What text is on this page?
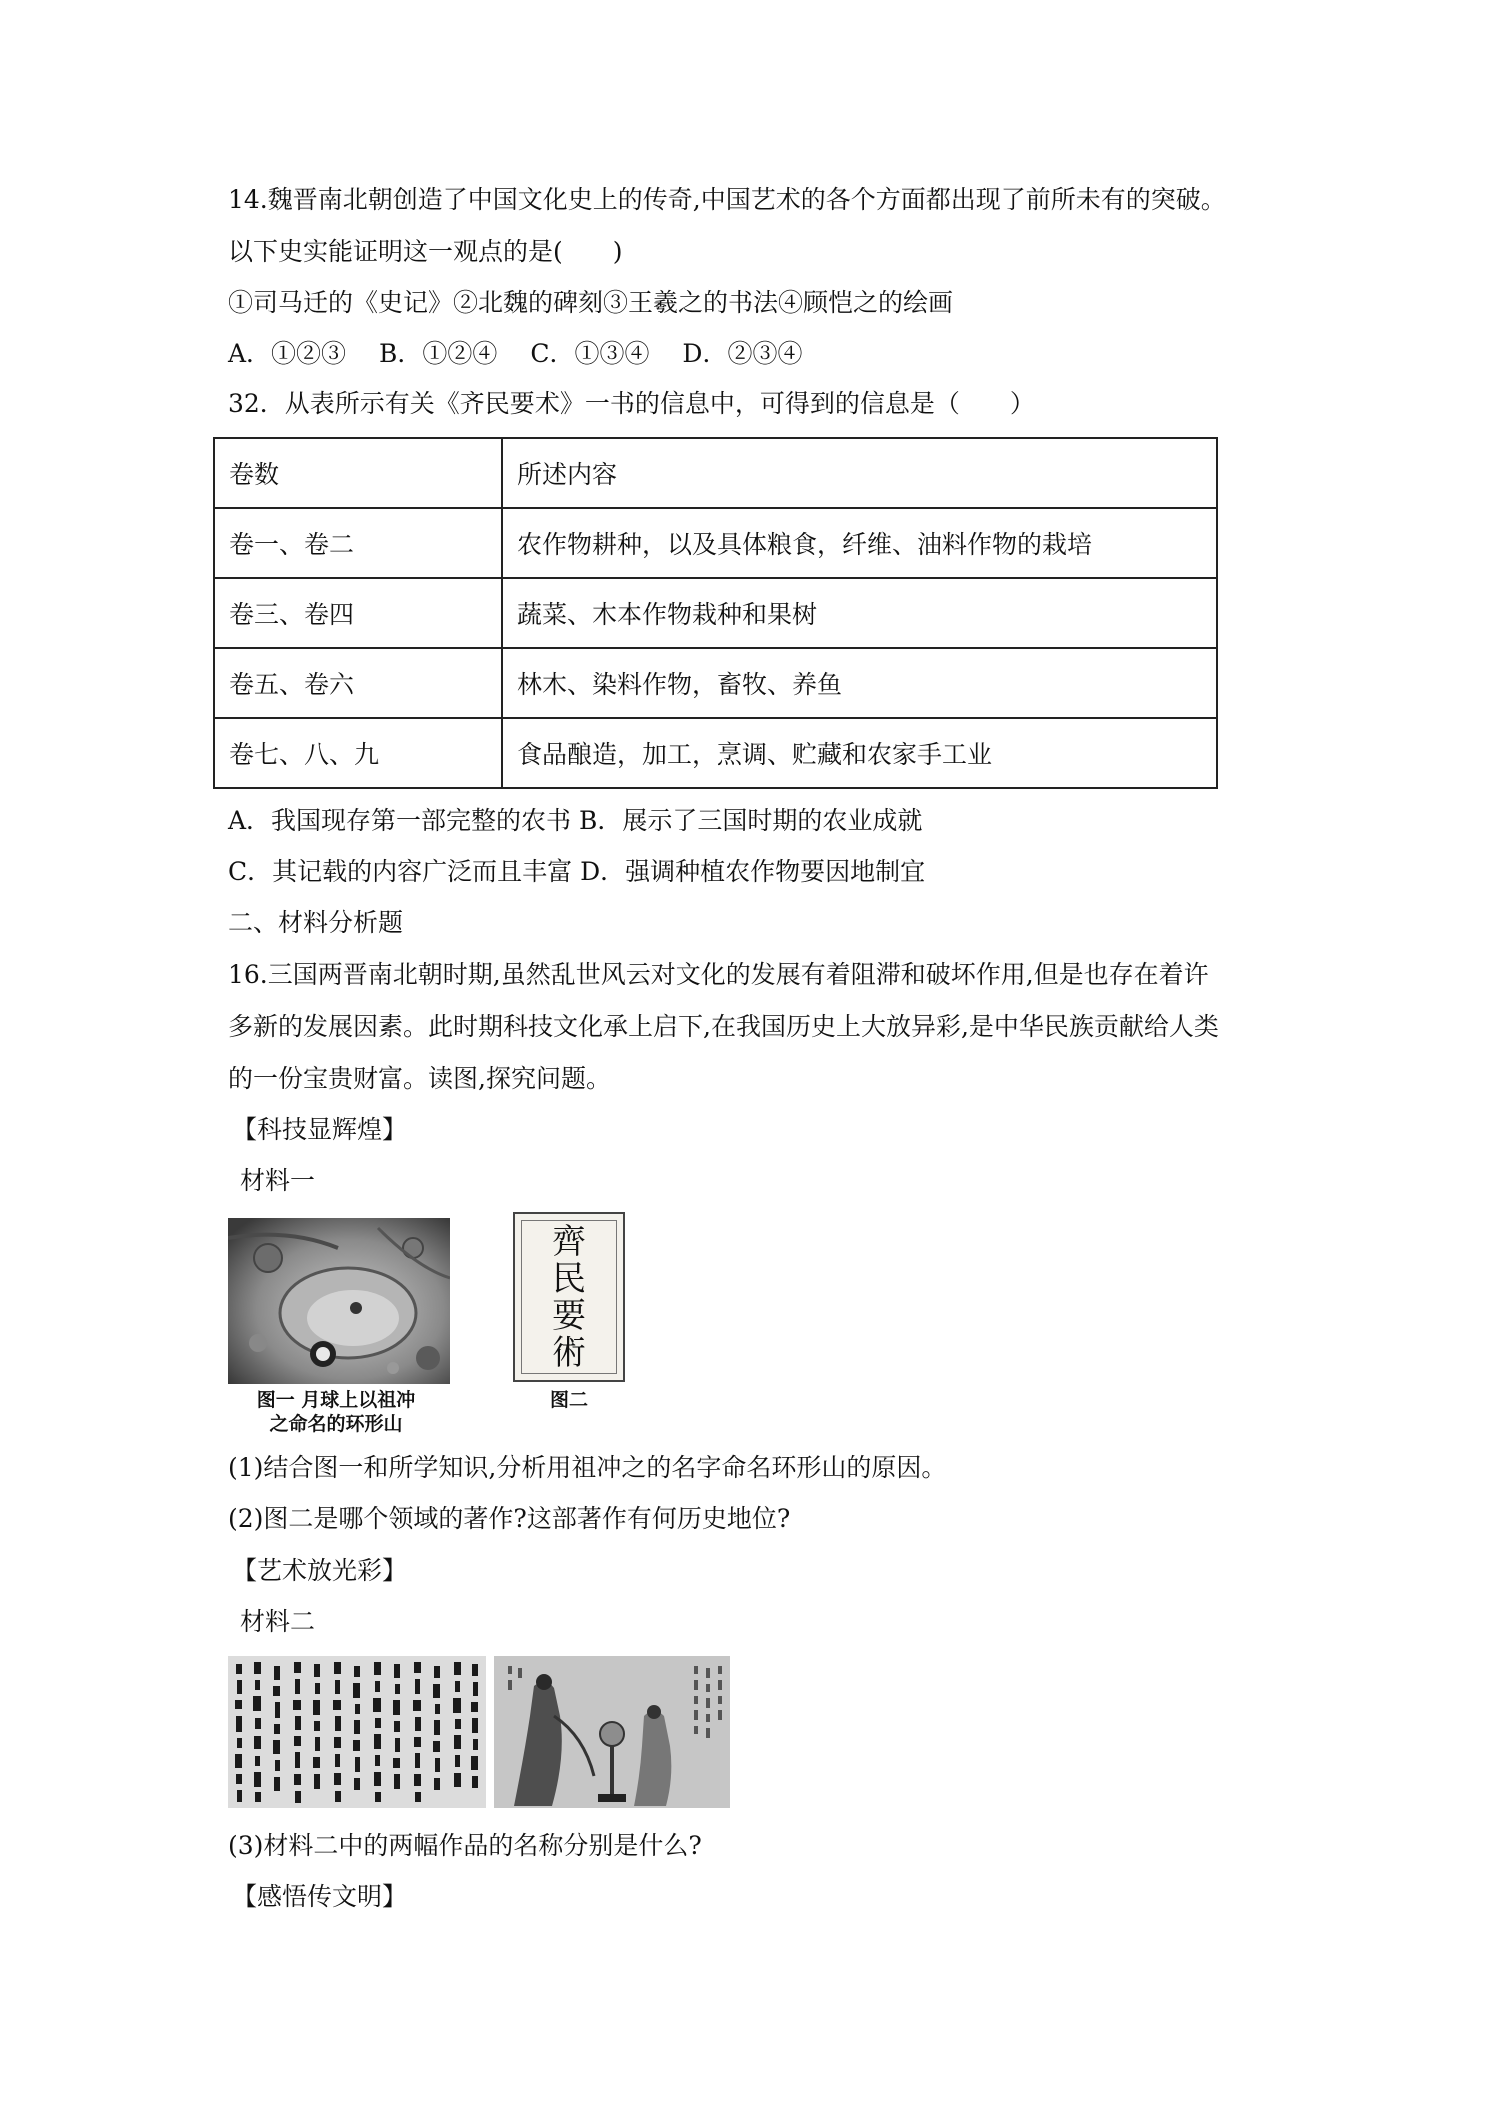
14.魏晋南北朝创造了中国文化史上的传奇,中国艺术的各个方面都出现了前所未有的突破。
以下史实能证明这一观点的是(　　)
①司马迁的《史记》②北魏的碑刻③王羲之的书法④顾恺之的绘画
A．①②③　 B．①②④　 C．①③④　 D．②③④
32．从表所示有关《齐民要术》一书的信息中，可得到的信息是（　　）
卷数	所述内容
卷一、卷二	农作物耕种，以及具体粮食，纤维、油料作物的栽培
卷三、卷四	蔬菜、木本作物栽种和果树
卷五、卷六	林木、染料作物，畜牧、养鱼
卷七、八、九	食品酿造，加工，烹调、贮藏和农家手工业
A．我国现存第一部完整的农书 B．展示了三国时期的农业成就
C．其记载的内容广泛而且丰富 D．强调种植农作物要因地制宜
二、材料分析题
16.三国两晋南北朝时期,虽然乱世风云对文化的发展有着阻滞和破坏作用,但是也存在着许
多新的发展因素。此时期科技文化承上启下,在我国历史上大放异彩,是中华民族贡献给人类
的一份宝贵财富。读图,探究问题。
【科技显辉煌】
材料一
图一 月球上以祖冲
之命名的环形山
齊
民
要
術
图二
(1)结合图一和所学知识,分析用祖冲之的名字命名环形山的原因。
(2)图二是哪个领域的著作?这部著作有何历史地位?
【艺术放光彩】
材料二
(3)材料二中的两幅作品的名称分别是什么?
【感悟传文明】
